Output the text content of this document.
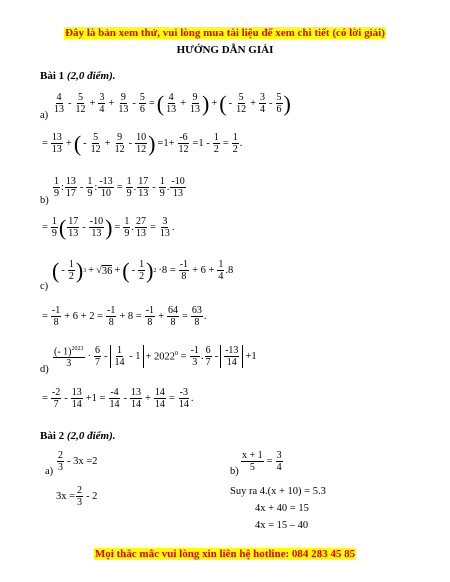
Đây là bản xem thử, vui lòng mua tài liệu để xem chi tiết (có lời giải)
HƯỚNG DẪN GIẢI
Bài 1 (2,0 điểm).
a)
$\frac{4}{13} - \frac{5}{12} + \frac{3}{4} + \frac{9}{13} - \frac{5}{6}$ = ( $\frac{4}{13} + \frac{9}{13}$ ) + ( - $\frac{5}{12} + \frac{3}{4} - \frac{5}{6}$ )
= $\frac{13}{13}$ + ( - $\frac{5}{12} + \frac{9}{12} - \frac{10}{12}$ ) $=1+ \frac{-6}{12} =1 - \frac{1}{2} = \frac{1}{2}$ .
b)
$\frac{1}{9}$ : $\frac{13}{17} - \frac{1}{9}$ : $\frac{-13}{10} = \frac{1}{9}$ . $\frac{17}{13} - \frac{1}{9}$ . $\frac{-10}{13}$
= $\frac{1}{9}$ ( $\frac{17}{13} - \frac{-10}{13}$ ) = $\frac{1}{9}$ . $\frac{27}{13} = \frac{3}{13}$ .
c)
( - $\frac{1}{2}$ ) 3 + √ 36 + ( - $\frac{1}{2}$ ) $2 \cdot 8 = \frac{-1}{8} + 6 + \frac{1}{4} .8$
= $\frac{-1}{8} + 6 + 2 = \frac{-1}{8} + 8 = \frac{-1}{8} + \frac{64}{8} = \frac{63}{8}$ .
d)
$\frac{(- 1)^{2023}}{3} \cdot \frac{6}{7} - \frac{1}{14} - 1 + 2022^0 = \frac{-1}{3}$ . $\frac{6}{7} - \frac{-13}{14} +1$
= $\frac{-2}{7} - \frac{13}{14} +1 = \frac{-4}{14} - \frac{13}{14} + \frac{14}{14} = \frac{-3}{14}$ .
Bài 2 (2,0 điểm).
$a) \frac{2}{3} - 3x =2$
$3x = \frac{2}{3} - 2$
$b) \frac{x + 1}{5} = \frac{3}{4}$
Suy ra 4.(x + 10) = 5.3
4x + 40 = 15
4x = 15 – 40
Mọi thắc mắc vui lòng xin liên hệ hotline: 084 283 45 85
